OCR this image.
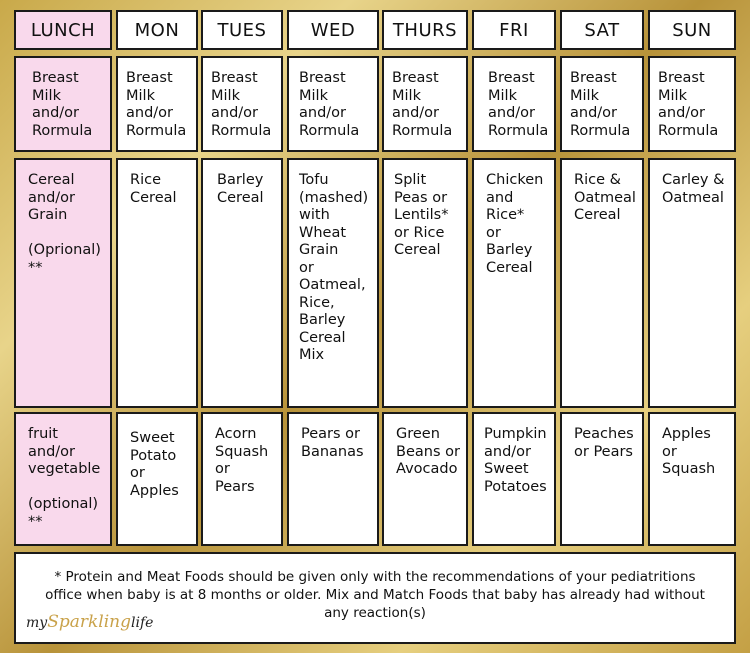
LUNCH MON TUES WED THURS FRI	SAT	SUN
Breast
Milk
and/or
Rormula
Breast
Milk
and/or
Rormula
Breast
Milk
and/or
Rormula
Breast
Milk
and/or
Rormula
Breast
Milk
and/or
Rormula
Breast
Milk
and/or
Rormula
Breast
Milk
and/or
Rormula
Breast
Milk
and/or
Rormula
Cereal
and/or
Grain

(Oprional)
**
Rice
Cereal
Barley
Cereal
Tofu
(mashed)
with
Wheat
Grain
or
Oatmeal,
Rice,
Barley
Cereal
Mix
Split
Peas or
Lentils*
or Rice
Cereal
Chicken
and
Rice*
or
Barley
Cereal
Rice &
Oatmeal
Cereal
Carley &
Oatmeal
fruit
and/or
vegetable

(optional)
**
Sweet
Potato
or
Apples
Acorn
Squash
or
Pears
Pears or
Bananas
Green
Beans or
Avocado
Pumpkin
and/or
Sweet
Potatoes
Peaches
or Pears
Apples
or
Squash
* Protein and Meat Foods should be given only with the recommendations of your pediatritions office when baby is at 8 months or older. Mix and Match Foods that baby has already had without any reaction(s)
mySparklinglife
